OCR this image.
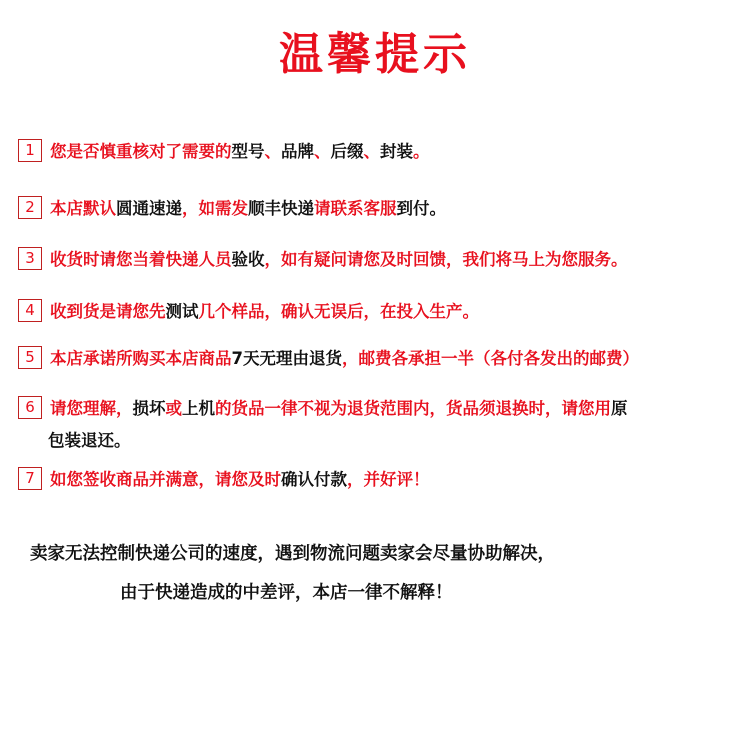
温馨提示
1 您是否慎重核对了需要的型号、品牌、后缀、封装。
2 本店默认圆通速递，如需发顺丰快递请联系客服到付。
3 收货时请您当着快递人员验收，如有疑问请您及时回馈，我们将马上为您服务。
4 收到货是请您先测试几个样品，确认无误后，在投入生产。
5 本店承诺所购买本店商品7天无理由退货，邮费各承担一半（各付各发出的邮费）
6 请您理解，损坏或上机的货品一律不视为退货范围内，货品须退换时，请您用原
包装退还。
7 如您签收商品并满意，请您及时确认付款，并好评！
卖家无法控制快递公司的速度，遇到物流问题卖家会尽量协助解决，
由于快递造成的中差评，本店一律不解释！
